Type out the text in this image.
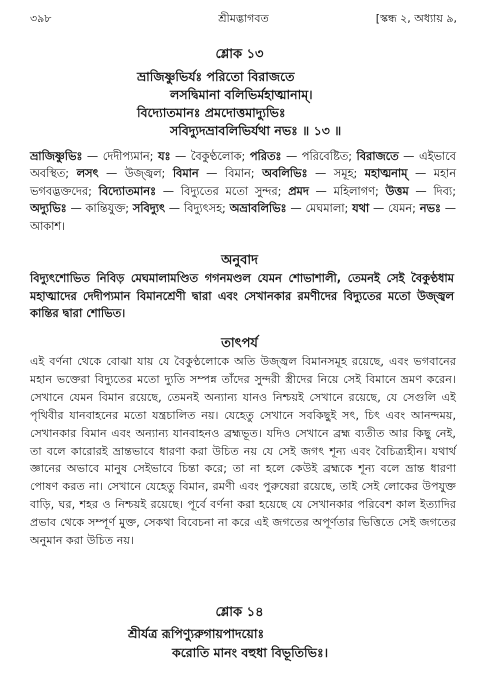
৩৯৮	শ্রীমদ্ভাগবত	[স্কন্ধ ২, অধ্যায় ৯,
শ্লোক ১৩
ভ্রাজিষ্ণুভির্যঃ পরিতো বিরাজতে
লসদ্বিমানা বলিভির্মহাত্মানাম্।
বিদ্যোতমানঃ প্রমদোত্তমাদ্যুভিঃ
সবিদ্যুদভ্রাবলিভির্যথা নভঃ ॥ ১৩ ॥
ভ্রাজিষ্ণুভিঃ — দেদীপ্যমান; যঃ — বৈকুণ্ঠলোক; পরিতঃ — পরিবেষ্টিত; বিরাজতে — এইভাবে অবস্থিত; লসৎ — উজ্জ্বল; বিমান — বিমান; অবলিভিঃ — সমূহ; মহাত্মনাম্ — মহান ভগবদ্ভক্তদের; বিদ্যোতমানঃ — বিদ্যুতের মতো সুন্দর; প্রমদ — মহিলাগণ; উত্তম — দিব্য; অদ্যুভিঃ — কান্তিযুক্ত; সবিদ্যুৎ — বিদ্যুৎসহ; অভ্রাবলিভিঃ — মেঘমালা; যথা — যেমন; নভঃ — আকাশ।
অনুবাদ
বিদ্যুৎশোভিত নিবিড় মেঘমালামণ্ডিত গগনমণ্ডল যেমন শোভাশালী, তেমনই সেই বৈকুণ্ঠধাম মহাত্মাদের দেদীপ্যমান বিমানশ্রেণী দ্বারা এবং সেখানকার রমণীদের বিদ্যুতের মতো উজ্জ্বল কান্তির দ্বারা শোভিত।
তাৎপর্য
এই বর্ণনা থেকে বোঝা যায় যে বৈকুণ্ঠলোকে অতি উজ্জ্বল বিমানসমূহ রয়েছে, এবং ভগবানের মহান ভক্তেরা বিদ্যুতের মতো দ্যুতি সম্পন্ন তাঁদের সুন্দরী স্ত্রীদের নিয়ে সেই বিমানে ভ্রমণ করেন। সেখানে যেমন বিমান রয়েছে, তেমনই অন্যান্য যানও নিশ্চয়ই সেখানে রয়েছে, যে সেগুলি এই পৃথিবীর যানবাহনের মতো যন্ত্রচালিত নয়। যেহেতু সেখানে সবকিছুই সৎ, চিৎ এবং আনন্দময়, সেখানকার বিমান এবং অন্যান্য যানবাহনও ব্রহ্মভূত। যদিও সেখানে ব্রহ্ম ব্যতীত আর কিছু নেই, তা বলে কারোরই ভ্রান্তভাবে ধারণা করা উচিত নয় যে সেই জগৎ শূন্য এবং বৈচিত্র্যহীন। যথার্থ জ্ঞানের অভাবে মানুষ সেইভাবে চিন্তা করে; তা না হলে কেউই ব্রহ্মকে শূন্য বলে ভ্রান্ত ধারণা পোষণ করত না। সেখানে যেহেতু বিমান, রমণী এবং পুরুষেরা রয়েছে, তাই সেই লোকের উপযুক্ত বাড়ি, ঘর, শহর ও নিশ্চয়ই রয়েছে। পূর্বে বর্ণনা করা হয়েছে যে সেখানকার পরিবেশ কাল ইত্যাদির প্রভাব থেকে সম্পূর্ণ মুক্ত, সেকথা বিবেচনা না করে এই জগতের অপূর্ণতার ভিত্তিতে সেই জগতের অনুমান করা উচিত নয়।
শ্লোক ১৪
শ্রীর্যত্র রূপিণ্যুরুগায়পাদয়োঃ
করোতি মানং বহুধা বিভূতিভিঃ।
